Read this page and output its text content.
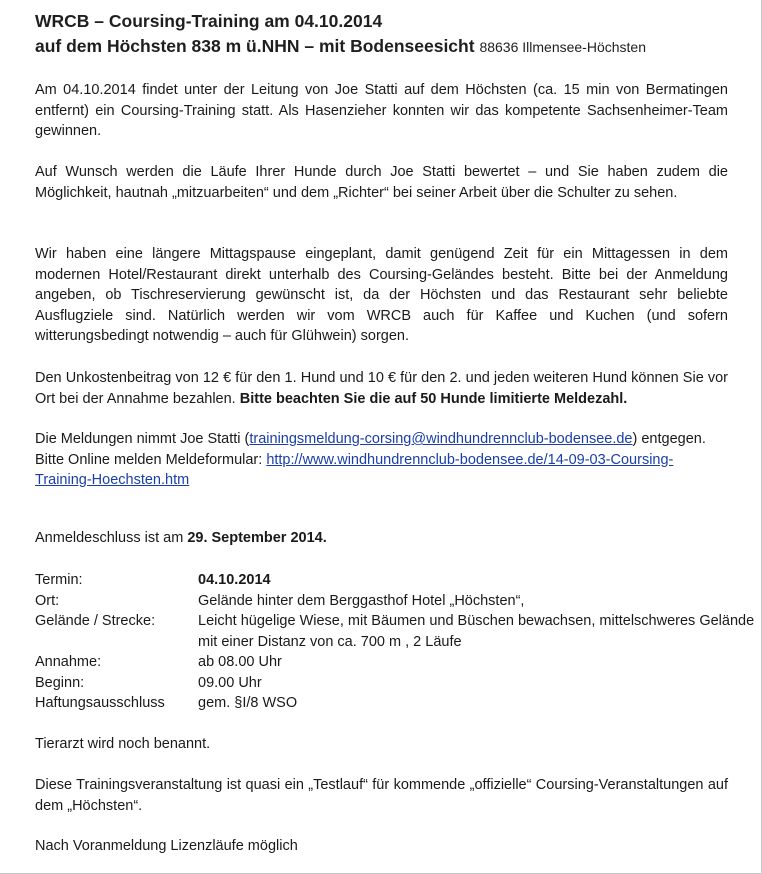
WRCB – Coursing-Training am 04.10.2014
auf dem Höchsten 838 m ü.NHN – mit Bodenseesicht 88636 Illmensee-Höchsten

Am 04.10.2014 findet unter der Leitung von Joe Statti auf dem Höchsten (ca. 15 min von Bermatingen entfernt) ein Coursing-Training statt. Als Hasenzieher konnten wir das kompetente Sachsenheimer-Team gewinnen.

Auf Wunsch werden die Läufe Ihrer Hunde durch Joe Statti bewertet – und Sie haben zudem die Möglichkeit, hautnah „mitzuarbeiten“ und dem „Richter“ bei seiner Arbeit über die Schulter zu sehen.

Wir haben eine längere Mittagspause eingeplant, damit genügend Zeit für ein Mittagessen in dem modernen Hotel/Restaurant direkt unterhalb des Coursing-Geländes besteht. Bitte bei der Anmeldung angeben, ob Tischreservierung gewünscht ist, da der Höchsten und das Restaurant sehr beliebte Ausflugziele sind. Natürlich werden wir vom WRCB auch für Kaffee und Kuchen (und sofern witterungsbedingt notwendig – auch für Glühwein) sorgen.

Den Unkostenbeitrag von 12 € für den 1. Hund und 10 € für den 2. und jeden weiteren Hund können Sie vor Ort bei der Annahme bezahlen. Bitte beachten Sie die auf 50 Hunde limitierte Meldezahl.

Die Meldungen nimmt Joe Statti (trainingsmeldung-corsing@windhundrennclub-bodensee.de) entgegen.
Bitte Online melden Meldeformular: http://www.windhundrennclub-bodensee.de/14-09-03-Coursing-Training-Hoechsten.htm

Anmeldeschluss ist am 29. September 2014.

Termin:	04.10.2014
Ort:	Gelände hinter dem Berggasthof Hotel „Höchsten“,
Gelände / Strecke:	Leicht hügelige Wiese, mit Bäumen und Büschen bewachsen, mittelschweres Gelände mit einer Distanz von ca. 700 m , 2 Läufe
Annahme:	ab 08.00 Uhr
Beginn:	09.00 Uhr
Haftungsausschluss	gem. §I/8 WSO

Tierarzt wird noch benannt.

Diese Trainingsveranstaltung ist quasi ein „Testlauf“ für kommende „offizielle“ Coursing-Veranstaltungen auf dem „Höchsten“.

Nach Voranmeldung Lizenzläufe möglich
